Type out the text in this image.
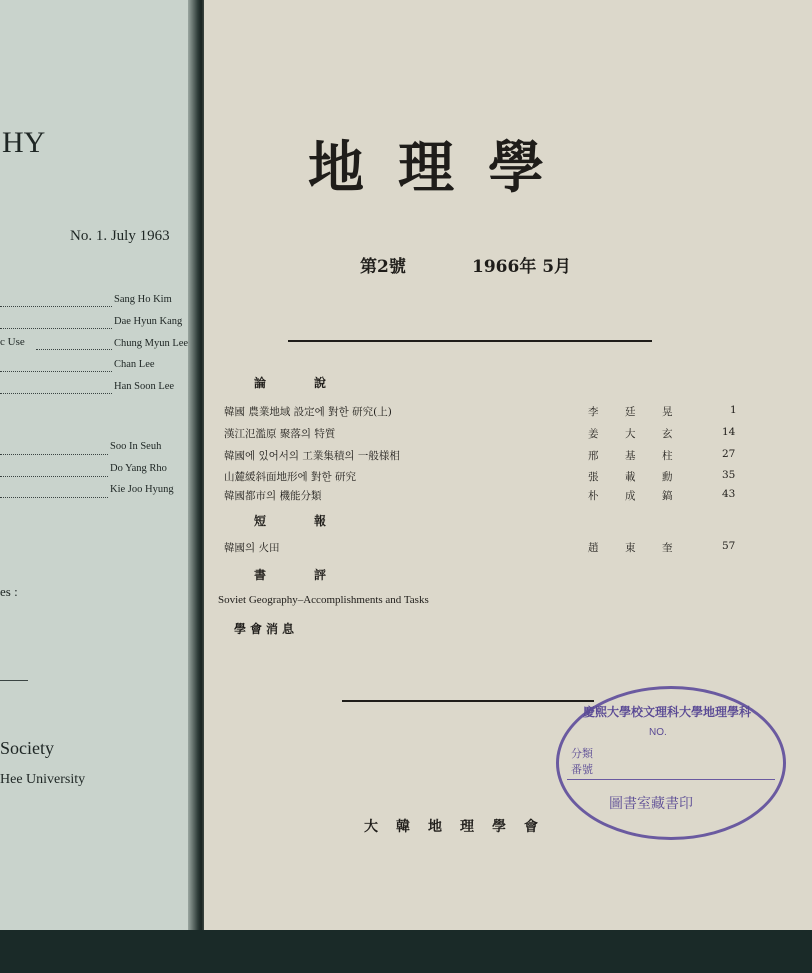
HY
No. 1. July 1963
Sang Ho Kim
Dae Hyun Kang
c Use	Chung Myun Lee
Chan Lee
Han Soon Lee
Soo In Seuh
Do Yang Rho
Kie Joo Hyung
es :
Society
Hee University
地理學
第2號	1966年 5月
論　說
韓國 農業地域 設定에 對한 研究(上)	李　廷　晃	1
漢江氾濫原 聚落의 特質	姜　大　玄	14
韓國에 있어서의 工業集積의 一般様相	邢　基　柱	27
山麓緩斜面地形에 對한 研究	張　載　勳	35
韓國都市의 機能分類	朴　成　鎬	43
短　報
韓國의 火田	趙　東　奎	57
書　評
Soviet Geography–Accomplishments and Tasks
學會消息
大韓地理學會
慶熙大學校文理科大學地理學科
NO.
分類
番號
圖書室藏書印
